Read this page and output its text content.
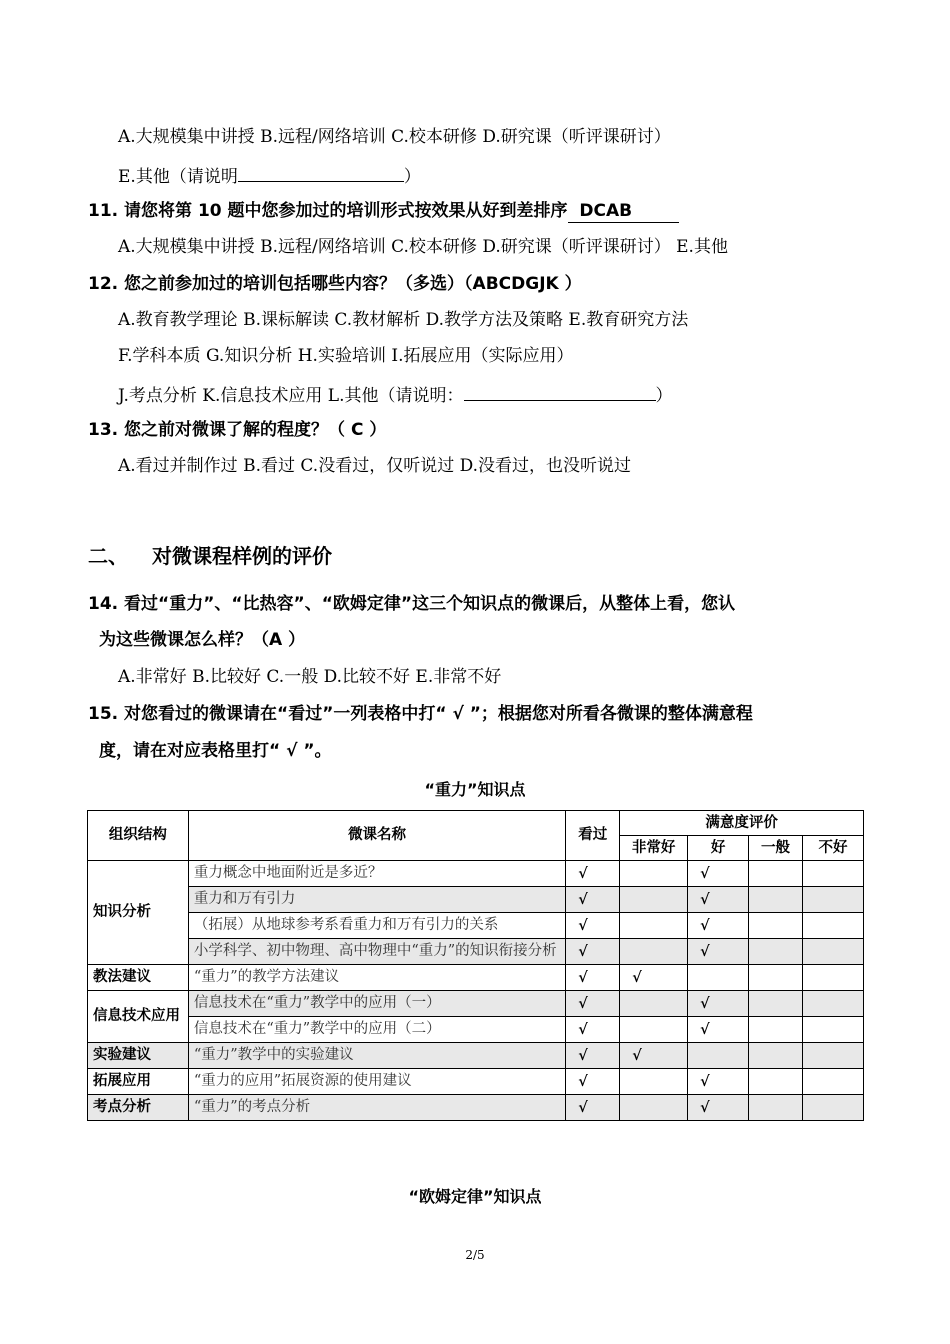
A.大规模集中讲授 B.远程/网络培训 C.校本研修 D.研究课（听评课研讨）
E.其他（请说明	）
11. 请您将第 10 题中您参加过的培训形式按效果从好到差排序  DCAB
A.大规模集中讲授 B.远程/网络培训 C.校本研修 D.研究课（听评课研讨） E.其他
12. 您之前参加过的培训包括哪些内容？（多选）（ABCDGJK ）
A.教育教学理论 B.课标解读 C.教材解析 D.教学方法及策略 E.教育研究方法
F.学科本质 G.知识分析 H.实验培训 I.拓展应用（实际应用）
J.考点分析 K.信息技术应用 L.其他（请说明：	）
13. 您之前对微课了解的程度？（ C ）
A.看过并制作过 B.看过 C.没看过，仅听说过 D.没看过，也没听说过
二、 对微课程样例的评价
14. 看过“重力”、“比热容”、“欧姆定律”这三个知识点的微课后，从整体上看，您认
为这些微课怎么样？（A ）
A.非常好 B.比较好 C.一般 D.比较不好 E.非常不好
15. 对您看过的微课请在“看过”一列表格中打“ √ ”；根据您对所看各微课的整体满意程
度，请在对应表格里打“ √ ”。
“重力”知识点
组织结构	微课名称	看过	满意度评价			
			非常好	好	一般	不好
知识分析	重力概念中地面附近是多近？	√		√		
	重力和万有引力	√		√		
	（拓展）从地球参考系看重力和万有引力的关系	√		√		
	小学科学、初中物理、高中物理中“重力”的知识衔接分析	√		√		
教法建议	“重力”的教学方法建议	√	√			
信息技术应用	信息技术在“重力”教学中的应用（一）	√		√		
	信息技术在“重力”教学中的应用（二）	√		√		
实验建议	“重力”教学中的实验建议	√	√			
拓展应用	“重力的应用”拓展资源的使用建议	√		√		
考点分析	“重力”的考点分析	√		√		
“欧姆定律”知识点
2/5
